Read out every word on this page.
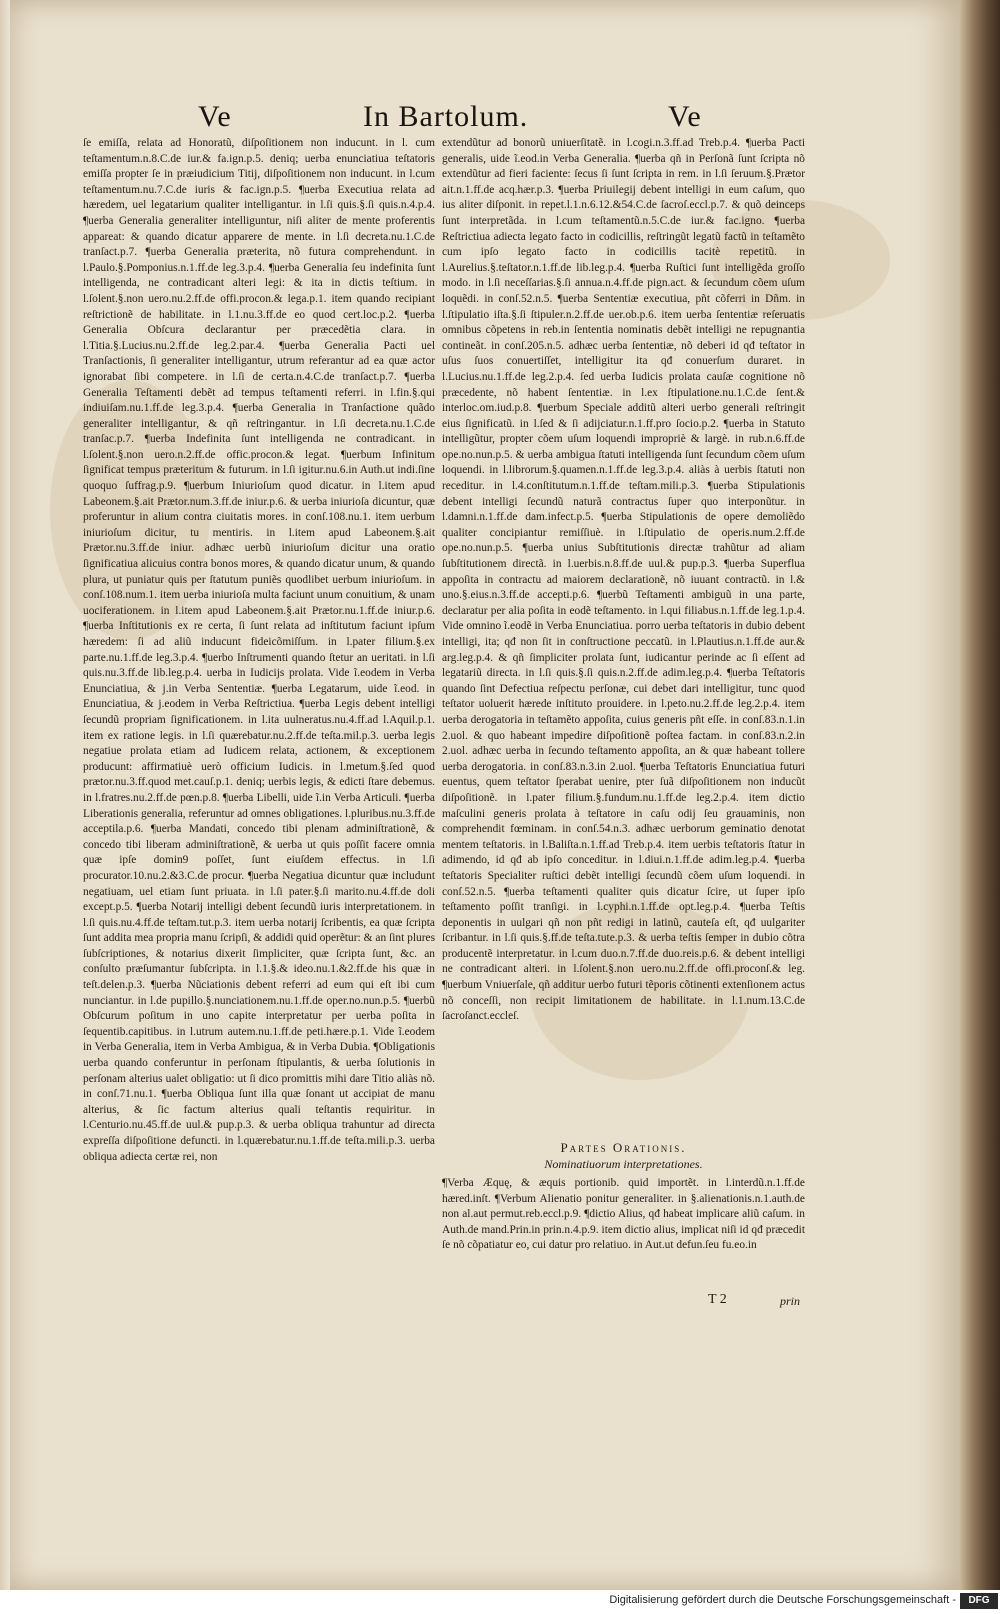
Ve	In Bartolum.	Ve

ſe emiſſa, relata ad Honoratũ, diſpoſitionem non inducunt. in l. cum teſtamentum.n.8.C.de iur.& fa.ign.p.5. deniq; uerba enunciatiua teſtatoris emiſſa propter ſe in præiudicium Titij, diſpoſitionem non inducunt. in l.cum teſtamentum.nu.7.C.de iuris & fac.ign.p.5. ¶uerba Executiua relata ad hæredem, uel legatarium qualiter intelligantur. in l.ſi quis.§.ſi quis.n.4.p.4. ¶uerba Generalia generaliter intelliguntur, niſi aliter de mente proferentis appareat: & quando dicatur apparere de mente. in l.ſi decreta.nu.1.C.de tranſact.p.7. ¶uerba Generalia præterita, nõ futura comprehendunt. in l.Paulo.§.Pomponius.n.1.ff.de leg.3.p.4. ¶uerba Generalia ſeu indefinita ſunt intelligenda, ne contradicant alteri legi: & ita in dictis teſtium. in l.ſolent.§.non uero.nu.2.ff.de offi.procon.& lega.p.1. item quando recipiant reſtrictionẽ de habilitate. in l.1.nu.3.ff.de eo quod cert.loc.p.2. ¶uerba Generalia Obſcura declarantur per præcedẽtia clara. in l.Titia.§.Lucius.nu.2.ff.de leg.2.par.4. ¶uerba Generalia Pacti uel Tranſactionis, ſi generaliter intelligantur, utrum referantur ad ea quæ actor ignorabat ſibi competere. in l.ſi de certa.n.4.C.de tranſact.p.7. ¶uerba Generalia Teſtamenti debẽt ad tempus teſtamenti referri. in l.fin.§.qui indiuiſam.nu.1.ff.de leg.3.p.4. ¶uerba Generalia in Tranſactione quãdo generaliter intelligantur, & qñ reſtringantur. in l.ſi decreta.nu.1.C.de tranſac.p.7. ¶uerba Indefinita ſunt intelligenda ne contradicant. in l.ſolent.§.non uero.n.2.ff.de offic.procon.& legat. ¶uerbum Infinitum ſignificat tempus præteritum & futurum. in l.ſi igitur.nu.6.in Auth.ut indi.ſine quoquo ſuffrag.p.9. ¶uerbum Iniurioſum quod dicatur. in l.item apud Labeonem.§.ait Prætor.num.3.ff.de iniur.p.6. & uerba iniurioſa dicuntur, quæ proferuntur in alium contra ciuitatis mores. in conſ.108.nu.1. item uerbum iniurioſum dicitur, tu mentiris. in l.item apud Labeonem.§.ait Prætor.nu.3.ff.de iniur. adhæc uerbũ iniurioſum dicitur una oratio ſignificatiua alicuius contra bonos mores, & quando dicatur unum, & quando plura, ut puniatur quis per ſtatutum puniẽs quodlibet uerbum iniurioſum. in conſ.108.num.1. item uerba iniurioſa multa faciunt unum conuitium, & unam uociferationem. in l.item apud Labeonem.§.ait Prætor.nu.1.ff.de iniur.p.6. ¶uerba Inſtitutionis ex re certa, ſi ſunt relata ad inſtitutum faciunt ipſum hæredem: ſi ad aliũ inducunt fideicõmiſſum. in l.pater filium.§.ex parte.nu.1.ff.de leg.3.p.4. ¶uerbo Inſtrumenti quando ſtetur an ueritati. in l.ſi quis.nu.3.ff.de lib.leg.p.4. uerba in Iudicijs prolata. Vide ĩ.eodem in Verba Enunciatiua, & j.in Verba Sententiæ. ¶uerba Legatarum, uide ĩ.eod. in Enunciatiua, & j.eodem in Verba Reſtrictiua. ¶uerba Legis debent intelligi ſecundũ propriam ſignificationem. in l.ita uulneratus.nu.4.ff.ad l.Aquil.p.1. item ex ratione legis. in l.ſi quærebatur.nu.2.ff.de teſta.mil.p.3. uerba legis negatiue prolata etiam ad Iudicem relata, actionem, & exceptionem producunt: affirmatiuè uerò officium Iudicis. in l.metum.§.ſed quod prætor.nu.3.ff.quod met.cauſ.p.1. deniq; uerbis legis, & edicti ſtare debemus. in l.fratres.nu.2.ff.de pœn.p.8. ¶uerba Libelli, uide ĩ.in Verba Articuli. ¶uerba Liberationis generalia, referuntur ad omnes obligationes. l.pluribus.nu.3.ff.de acceptila.p.6. ¶uerba Mandati, concedo tibi plenam adminiſtrationẽ, & concedo tibi liberam adminiſtrationẽ, & uerba ut quis poſſit facere omnia quæ ipſe domin9 poſſet, ſunt eiuſdem effectus. in l.ſi procurator.10.nu.2.&3.C.de procur. ¶uerba Negatiua dicuntur quæ includunt negatiuam, uel etiam ſunt priuata. in l.ſi pater.§.ſi marito.nu.4.ff.de doli except.p.5. ¶uerba Notarij intelligi debent ſecundũ iuris interpretationem. in l.ſi quis.nu.4.ff.de teſtam.tut.p.3. item uerba notarij ſcribentis, ea quæ ſcripta ſunt addita mea propria manu ſcripſi, & addidi quid operẽtur: & an ſint plures ſubſcriptiones, & notarius dixerit ſimpliciter, quæ ſcripta ſunt, &c. an conſulto præſumantur ſubſcripta. in l.1.§.& ideo.nu.1.&2.ff.de his quæ in teſt.delen.p.3. ¶uerba Nũciationis debent referri ad eum qui eſt ibi cum nunciantur. in l.de pupillo.§.nunciationem.nu.1.ff.de oper.no.nun.p.5. ¶uerbũ Obſcurum poſitum in uno capite interpretatur per uerba poſita in ſequentib.capitibus. in l.utrum autem.nu.1.ff.de peti.hære.p.1. Vide ĩ.eodem in Verba Generalia, item in Verba Ambigua, & in Verba Dubia. ¶Obligationis uerba quando conferuntur in perſonam ſtipulantis, & uerba ſolutionis in perſonam alterius ualet obligatio: ut ſi dico promittis mihi dare Titio aliàs nõ. in conſ.71.nu.1. ¶uerba Obliqua ſunt illa quæ ſonant ut accipiat de manu alterius, & ſic factum alterius quali teſtantis requiritur. in l.Centurio.nu.45.ff.de uul.& pup.p.3. & uerba obliqua trahuntur ad directa expreſſa diſpoſitione defuncti. in l.quærebatur.nu.1.ff.de teſta.mili.p.3. uerba obliqua adiecta certæ rei, non

extendũtur ad bonorũ uniuerſitatẽ. in l.cogi.n.3.ff.ad Treb.p.4. ¶uerba Pacti generalis, uide ĩ.eod.in Verba Generalia. ¶uerba qñ in Perſonã ſunt ſcripta nõ extendũtur ad fieri faciente: ſecus ſi ſunt ſcripta in rem. in l.ſi ſeruum.§.Prætor ait.n.1.ff.de acq.hær.p.3. ¶uerba Priuilegij debent intelligi in eum caſum, quo ius aliter diſponit. in repet.l.1.n.6.12.&54.C.de ſacroſ.eccl.p.7. & quõ deinceps ſunt interpretãda. in l.cum teſtamentũ.n.5.C.de iur.& fac.igno. ¶uerba Reſtrictiua adiecta legato facto in codicillis, reſtringũt legatũ factũ in teſtamẽto cum ipſo legato facto in codicillis tacitè repetitũ. in l.Aurelius.§.teſtator.n.1.ff.de lib.leg.p.4. ¶uerba Ruſtici ſunt intelligẽda groſſo modo. in l.ſi neceſſarias.§.ſi annua.n.4.ff.de pign.act. & ſecundum cõem uſum loquẽdi. in conſ.52.n.5. ¶uerba Sententiæ executiua, pñt cõferri in Dñm. in l.ſtipulatio iſta.§.ſi ſtipuler.n.2.ff.de uer.ob.p.6. item uerba ſententiæ reſeruatis omnibus cõpetens in reb.in ſententia nominatis debẽt intelligi ne repugnantia contineãt. in conſ.205.n.5. adhæc uerba ſententiæ, nõ deberi id qđ teſtator in uſus ſuos conuertiſſet, intelligitur ita qđ conuerſum duraret. in l.Lucius.nu.1.ff.de leg.2.p.4. ſed uerba Iudicis prolata cauſæ cognitione nõ præcedente, nõ habent ſententiæ. in l.ex ſtipulatione.nu.1.C.de ſent.& interloc.om.iud.p.8. ¶uerbum Speciale additũ alteri uerbo generali reſtringit eius ſignificatũ. in l.ſed & ſi adijciatur.n.1.ff.pro ſocio.p.2. ¶uerba in Statuto intelligũtur, propter cõem uſum loquendi impropriè & largè. in rub.n.6.ff.de ope.no.nun.p.5. & uerba ambigua ſtatuti intelligenda ſunt ſecundum cõem uſum loquendi. in l.librorum.§.quamen.n.1.ff.de leg.3.p.4. aliàs à uerbis ſtatuti non receditur. in l.4.conſtitutum.n.1.ff.de teſtam.mili.p.3. ¶uerba Stipulationis debent intelligi ſecundũ naturã contractus ſuper quo interponũtur. in l.damni.n.1.ff.de dam.infect.p.5. ¶uerba Stipulationis de opere demoliẽdo qualiter concipiantur remiſſiuè. in l.ſtipulatio de operis.num.2.ff.de ope.no.nun.p.5. ¶uerba unius Subſtitutionis directæ trahũtur ad aliam ſubſtitutionem directã. in l.uerbis.n.8.ff.de uul.& pup.p.3. ¶uerba Superflua appoſita in contractu ad maiorem declarationẽ, nõ iuuant contractũ. in l.& uno.§.eius.n.3.ff.de accepti.p.6. ¶uerbũ Teſtamenti ambiguũ in una parte, declaratur per alia poſita in eodẽ teſtamento. in l.qui filiabus.n.1.ff.de leg.1.p.4. Vide omnino ĩ.eodẽ in Verba Enunciatiua. porro uerba teſtatoris in dubio debent intelligi, ita; qđ non ſit in conſtructione peccatũ. in l.Plautius.n.1.ff.de aur.& arg.leg.p.4. & qñ ſimpliciter prolata ſunt, iudicantur perinde ac ſi eſſent ad legatariũ directa. in l.ſi quis.§.ſi quis.n.2.ff.de adim.leg.p.4. ¶uerba Teſtatoris quando ſint Defectiua reſpectu perſonæ, cui debet dari intelligitur, tunc quod teſtator uoluerit hærede inſtituto prouidere. in l.peto.nu.2.ff.de leg.2.p.4. item uerba derogatoria in teſtamẽto appoſita, cuius generis pñt eſſe. in conſ.83.n.1.in 2.uol. & quo habeant impedire diſpoſitionẽ poſtea factam. in conſ.83.n.2.in 2.uol. adhæc uerba in ſecundo teſtamento appoſita, an & quæ habeant tollere uerba derogatoria. in conſ.83.n.3.in 2.uol. ¶uerba Teſtatoris Enunciatiua futuri euentus, quem teſtator ſperabat uenire, pter ſuã diſpoſitionem non inducũt diſpoſitionẽ. in l.pater filium.§.fundum.nu.1.ff.de leg.2.p.4. item dictio maſculini generis prolata à teſtatore in caſu odij ſeu grauaminis, non comprehendit fœminam. in conſ.54.n.3. adhæc uerborum geminatio denotat mentem teſtatoris. in l.Baliſta.n.1.ff.ad Treb.p.4. item uerbis teſtatoris ſtatur in adimendo, id qđ ab ipſo conceditur. in l.diui.n.1.ff.de adim.leg.p.4. ¶uerba teſtatoris Specialiter ruſtici debẽt intelligi ſecundũ cõem uſum loquendi. in conſ.52.n.5. ¶uerba teſtamenti qualiter quis dicatur ſcire, ut ſuper ipſo teſtamento poſſit tranſigi. in l.cyphi.n.1.ff.de opt.leg.p.4. ¶uerba Teſtis deponentis in uulgari qñ non pñt redigi in latinũ, cauteſa eſt, qđ uulgariter ſcribantur. in l.ſi quis.§.ff.de teſta.tute.p.3. & uerba teſtis ſemper in dubio cõtra producentẽ interpretatur. in l.cum duo.n.7.ff.de duo.reis.p.6. & debent intelligi ne contradicant alteri. in l.ſolent.§.non uero.nu.2.ff.de offi.proconſ.& leg. ¶uerbum Vniuerſale, qñ additur uerbo futuri tẽporis cõtinenti extenſionem actus nõ conceſſi, non recipit limitationem de habilitate. in l.1.num.13.C.de ſacroſanct.eccleſ.

Partes Orationis.
Nominatiuorum interpretationes.

¶Verba Æquę, & æquis portionib. quid importẽt. in l.interdũ.n.1.ff.de hæred.inſt. ¶Verbum Alienatio ponitur generaliter. in §.alienationis.n.1.auth.de non al.aut permut.reb.eccl.p.9. ¶dictio Alius, qđ habeat implicare aliũ caſum. in Auth.de mand.Prin.in prin.n.4.p.9. item dictio alius, implicat niſi id qđ præcedit ſe nõ cõpatiatur eo, cui datur pro relatiuo. in Aut.ut defun.ſeu fu.eo.in

T 2	prin
Digitalisierung gefördert durch die Deutsche Forschungsgemeinschaft -	DFG
